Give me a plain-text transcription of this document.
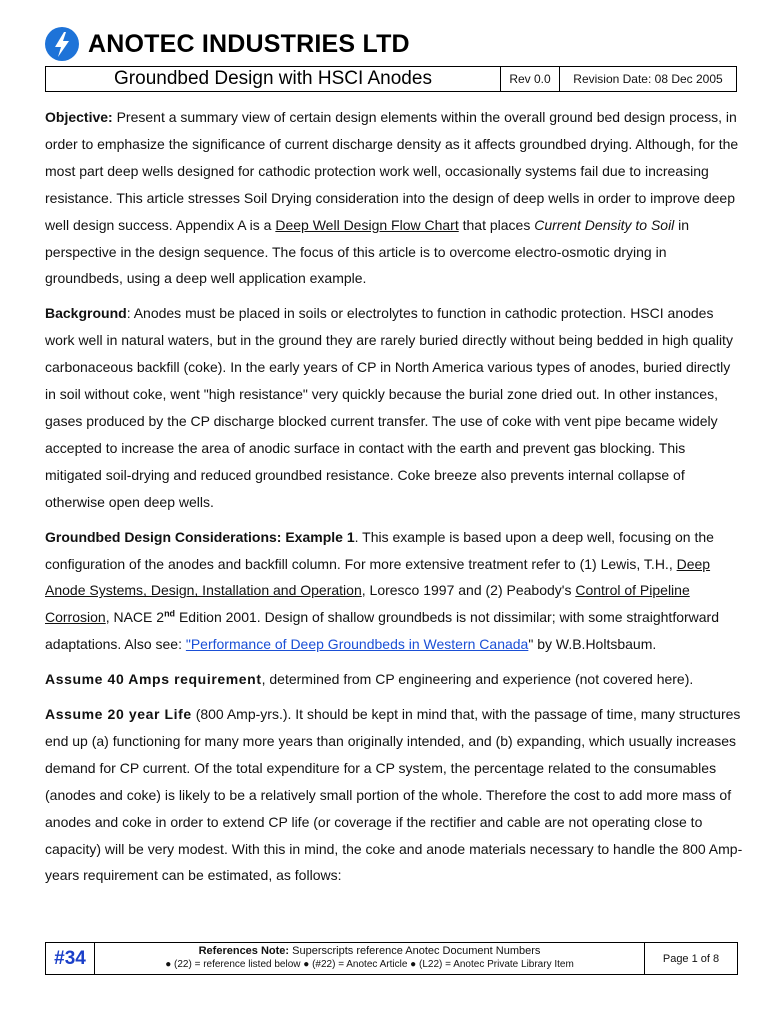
ANOTEC INDUSTRIES LTD
Groundbed Design with HSCI Anodes	Rev 0.0	Revision Date: 08 Dec 2005

Objective: Present a summary view of certain design elements within the overall ground bed design process, in order to emphasize the significance of current discharge density as it affects groundbed drying. Although, for the most part deep wells designed for cathodic protection work well, occasionally systems fail due to increasing resistance. This article stresses Soil Drying consideration into the design of deep wells in order to improve deep well design success. Appendix A is a Deep Well Design Flow Chart that places Current Density to Soil in perspective in the design sequence. The focus of this article is to overcome electro-osmotic drying in groundbeds, using a deep well application example.

Background: Anodes must be placed in soils or electrolytes to function in cathodic protection. HSCI anodes work well in natural waters, but in the ground they are rarely buried directly without being bedded in high quality carbonaceous backfill (coke). In the early years of CP in North America various types of anodes, buried directly in soil without coke, went "high resistance" very quickly because the burial zone dried out. In other instances, gases produced by the CP discharge blocked current transfer. The use of coke with vent pipe became widely accepted to increase the area of anodic surface in contact with the earth and prevent gas blocking. This mitigated soil-drying and reduced groundbed resistance. Coke breeze also prevents internal collapse of otherwise open deep wells.

Groundbed Design Considerations: Example 1. This example is based upon a deep well, focusing on the configuration of the anodes and backfill column. For more extensive treatment refer to (1) Lewis, T.H., Deep Anode Systems, Design, Installation and Operation, Loresco 1997 and (2) Peabody's Control of Pipeline Corrosion, NACE 2nd Edition 2001. Design of shallow groundbeds is not dissimilar; with some straightforward adaptations. Also see: "Performance of Deep Groundbeds in Western Canada" by W.B.Holtsbaum.

Assume 40 Amps requirement, determined from CP engineering and experience (not covered here).

Assume 20 year Life (800 Amp-yrs.). It should be kept in mind that, with the passage of time, many structures end up (a) functioning for many more years than originally intended, and (b) expanding, which usually increases demand for CP current. Of the total expenditure for a CP system, the percentage related to the consumables (anodes and coke) is likely to be a relatively small portion of the whole. Therefore the cost to add more mass of anodes and coke in order to extend CP life (or coverage if the rectifier and cable are not operating close to capacity) will be very modest. With this in mind, the coke and anode materials necessary to handle the 800 Amp-years requirement can be estimated, as follows:

#34	References Note: Superscripts reference Anotec Document Numbers
● (22) = reference listed below ● (#22) = Anotec Article ● (L22) = Anotec Private Library Item	Page 1 of 8
